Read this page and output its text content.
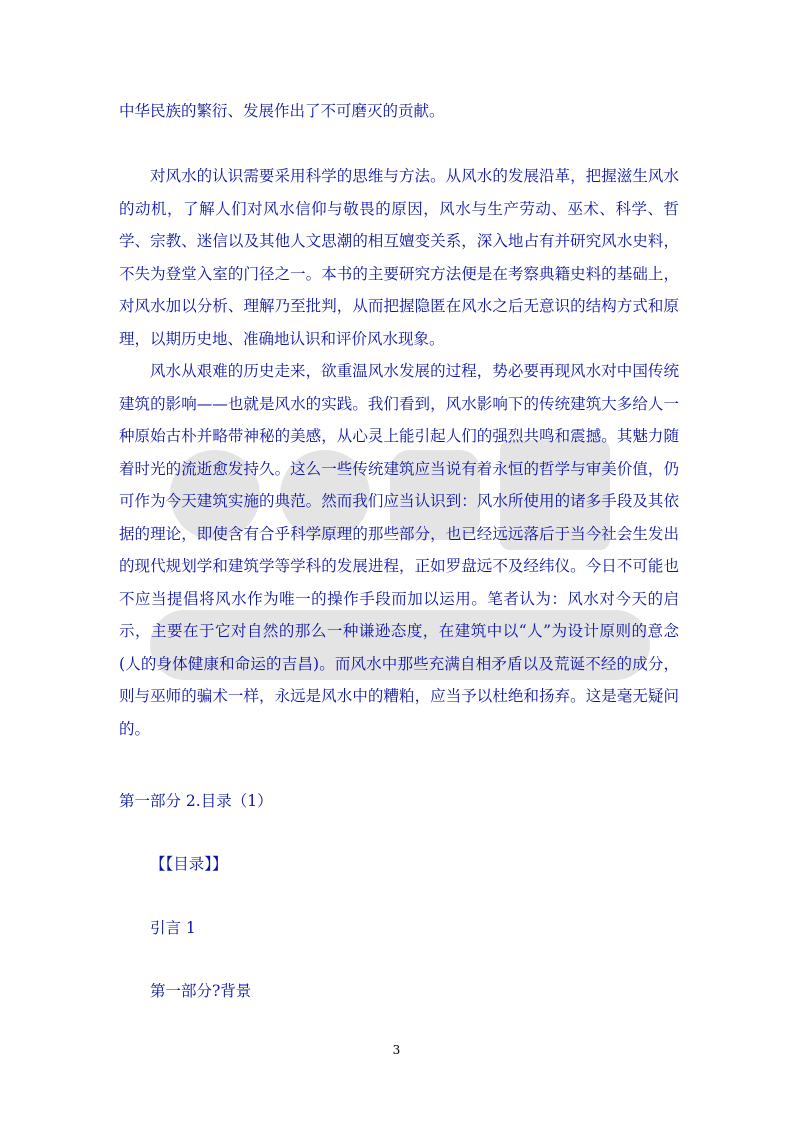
中华民族的繁衍、发展作出了不可磨灭的贡献。
对风水的认识需要采用科学的思维与方法。从风水的发展沿革，把握滋生风水的动机，了解人们对风水信仰与敬畏的原因，风水与生产劳动、巫术、科学、哲学、宗教、迷信以及其他人文思潮的相互嬗变关系，深入地占有并研究风水史料，不失为登堂入室的门径之一。本书的主要研究方法便是在考察典籍史料的基础上，对风水加以分析、理解乃至批判，从而把握隐匿在风水之后无意识的结构方式和原理，以期历史地、准确地认识和评价风水现象。
风水从艰难的历史走来，欲重温风水发展的过程，势必要再现风水对中国传统建筑的影响——也就是风水的实践。我们看到，风水影响下的传统建筑大多给人一种原始古朴并略带神秘的美感，从心灵上能引起人们的强烈共鸣和震撼。其魅力随着时光的流逝愈发持久。这么一些传统建筑应当说有着永恒的哲学与审美价值，仍可作为今天建筑实施的典范。然而我们应当认识到：风水所使用的诸多手段及其依据的理论，即使含有合乎科学原理的那些部分，也已经远远落后于当今社会生发出的现代规划学和建筑学等学科的发展进程，正如罗盘远不及经纬仪。今日不可能也不应当提倡将风水作为唯一的操作手段而加以运用。笔者认为：风水对今天的启示，主要在于它对自然的那么一种谦逊态度，在建筑中以“人”为设计原则的意念(人的身体健康和命运的吉昌)。而风水中那些充满自相矛盾以及荒诞不经的成分，则与巫师的骗术一样，永远是风水中的糟粕，应当予以杜绝和扬弃。这是毫无疑问的。
第一部分 2.目录（1）
【【目录】】
引言 1
第一部分?背景
3
